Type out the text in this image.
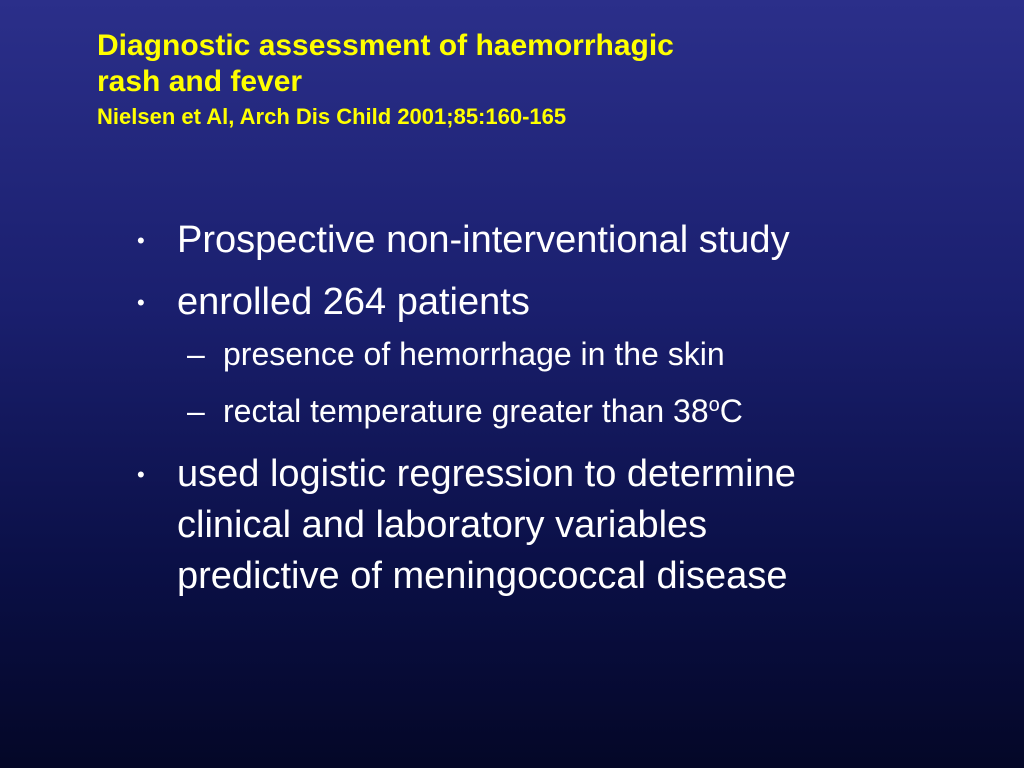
Diagnostic assessment of haemorrhagic
rash and fever
Nielsen et Al, Arch Dis Child 2001;85:160-165
• Prospective non-interventional study
• enrolled 264 patients
– presence of hemorrhage in the skin
– rectal temperature greater than 38$^o$C
• used logistic regression to determine
clinical and laboratory variables
predictive of meningococcal disease
